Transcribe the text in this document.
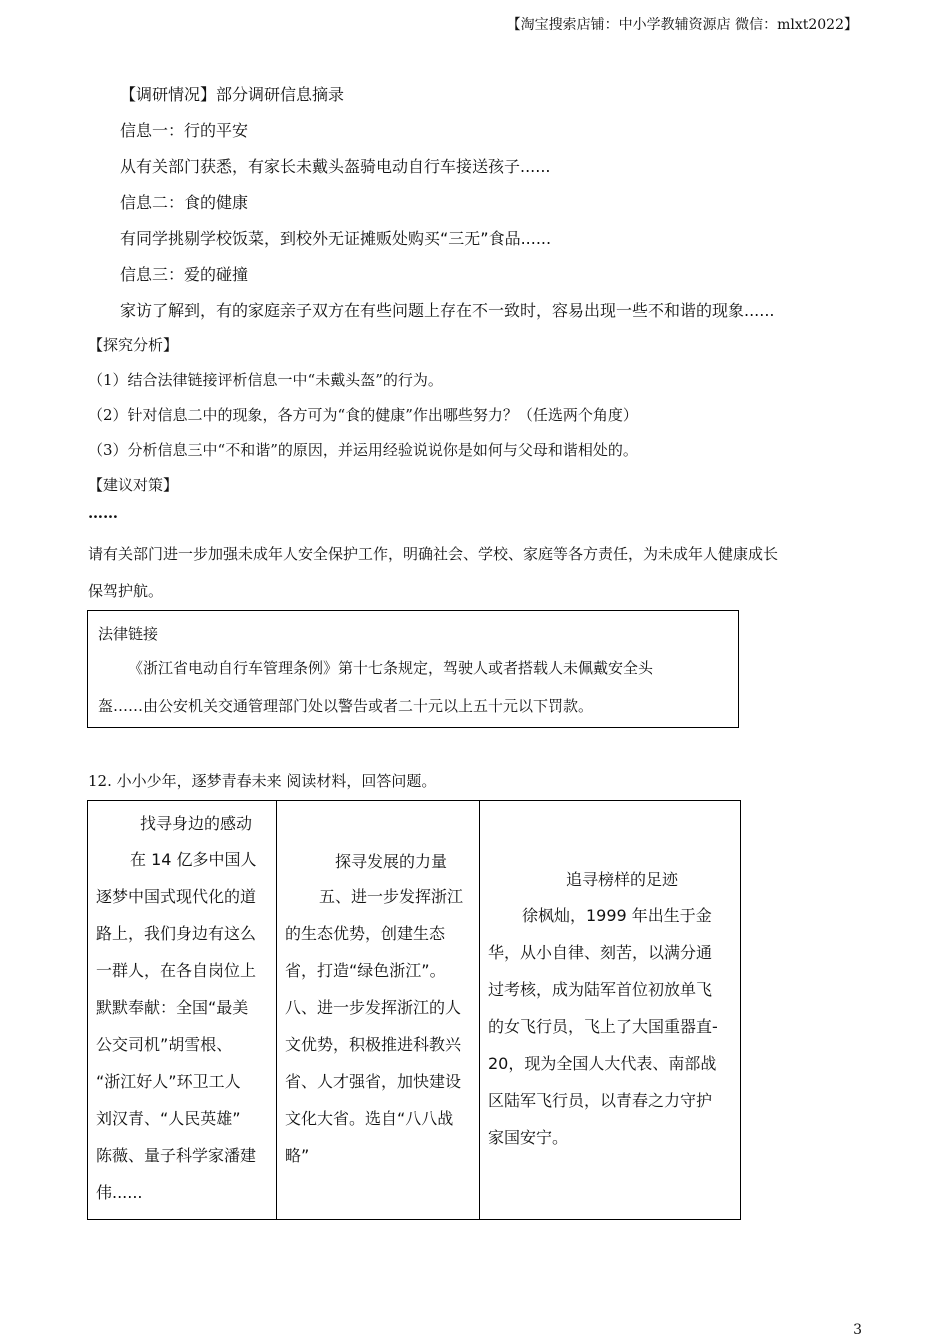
【淘宝搜索店铺：中小学教辅资源店 微信：mlxt2022】
【调研情况】部分调研信息摘录
信息一：行的平安
从有关部门获悉，有家长未戴头盔骑电动自行车接送孩子......
信息二：食的健康
有同学挑剔学校饭菜，到校外无证摊贩处购买“三无”食品......
信息三：爱的碰撞
家访了解到，有的家庭亲子双方在有些问题上存在不一致时，容易出现一些不和谐的现象......
【探究分析】
（1）结合法律链接评析信息一中“未戴头盔”的行为。
（2）针对信息二中的现象，各方可为“食的健康”作出哪些努力？（任选两个角度）
（3）分析信息三中“不和谐”的原因，并运用经验说说你是如何与父母和谐相处的。
【建议对策】
……
请有关部门进一步加强未成年人安全保护工作，明确社会、学校、家庭等各方责任，为未成年人健康成长
保驾护航。
法律链接
《浙江省电动自行车管理条例》第十七条规定，驾驶人或者搭载人未佩戴安全头
盔……由公安机关交通管理部门处以警告或者二十元以上五十元以下罚款。
12. 小小少年，逐梦青春未来 阅读材料，回答问题。
找寻身边的感动
在 14 亿多中国人
逐梦中国式现代化的道
路上，我们身边有这么
一群人，在各自岗位上
默默奉献：全国“最美
公交司机”胡雪根、
“浙江好人”环卫工人
刘汉青、“人民英雄”
陈薇、量子科学家潘建
伟......

探寻发展的力量
五、进一步发挥浙江
的生态优势，创建生态
省，打造“绿色浙江”。
八、进一步发挥浙江的人
文优势，积极推进科教兴
省、人才强省，加快建设
文化大省。选自“八八战
略”

追寻榜样的足迹
徐枫灿，1999 年出生于金
华，从小自律、刻苦，以满分通
过考核，成为陆军首位初放单飞
的女飞行员，飞上了大国重器直-
20，现为全国人大代表、南部战
区陆军飞行员，以青春之力守护
家国安宁。
3
